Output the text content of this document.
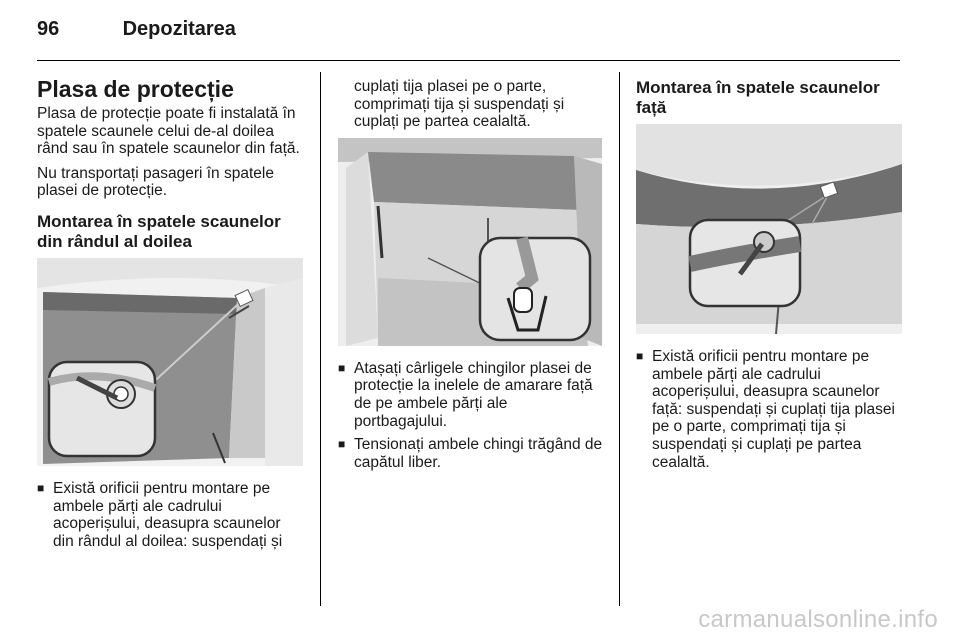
96	Depozitarea
Plasa de protecție

Plasa de protecție poate fi instalată în spatele scaunele celui de-al doilea rând sau în spatele scaunelor din față.

Nu transportați pasageri în spatele plasei de protecție.

Montarea în spatele scaunelor din rândul al doilea
■ Există orificii pentru montare pe ambele părți ale cadrului acoperișului, deasupra scaunelor din rândul al doilea: suspendați și

cuplați tija plasei pe o parte, comprimați tija și suspendați și cuplați pe partea cealaltă.

■ Atașați cârligele chingilor plasei de protecție la inelele de amarare față de pe ambele părți ale portbagajului.
■ Tensionați ambele chingi trăgând de capătul liber.
Montarea în spatele scaunelor față
■ Există orificii pentru montare pe ambele părți ale cadrului acoperișului, deasupra scaunelor față: suspendați și cuplați tija plasei pe o parte, comprimați tija și suspendați și cuplați pe partea cealaltă.
carmanualsonline.info
